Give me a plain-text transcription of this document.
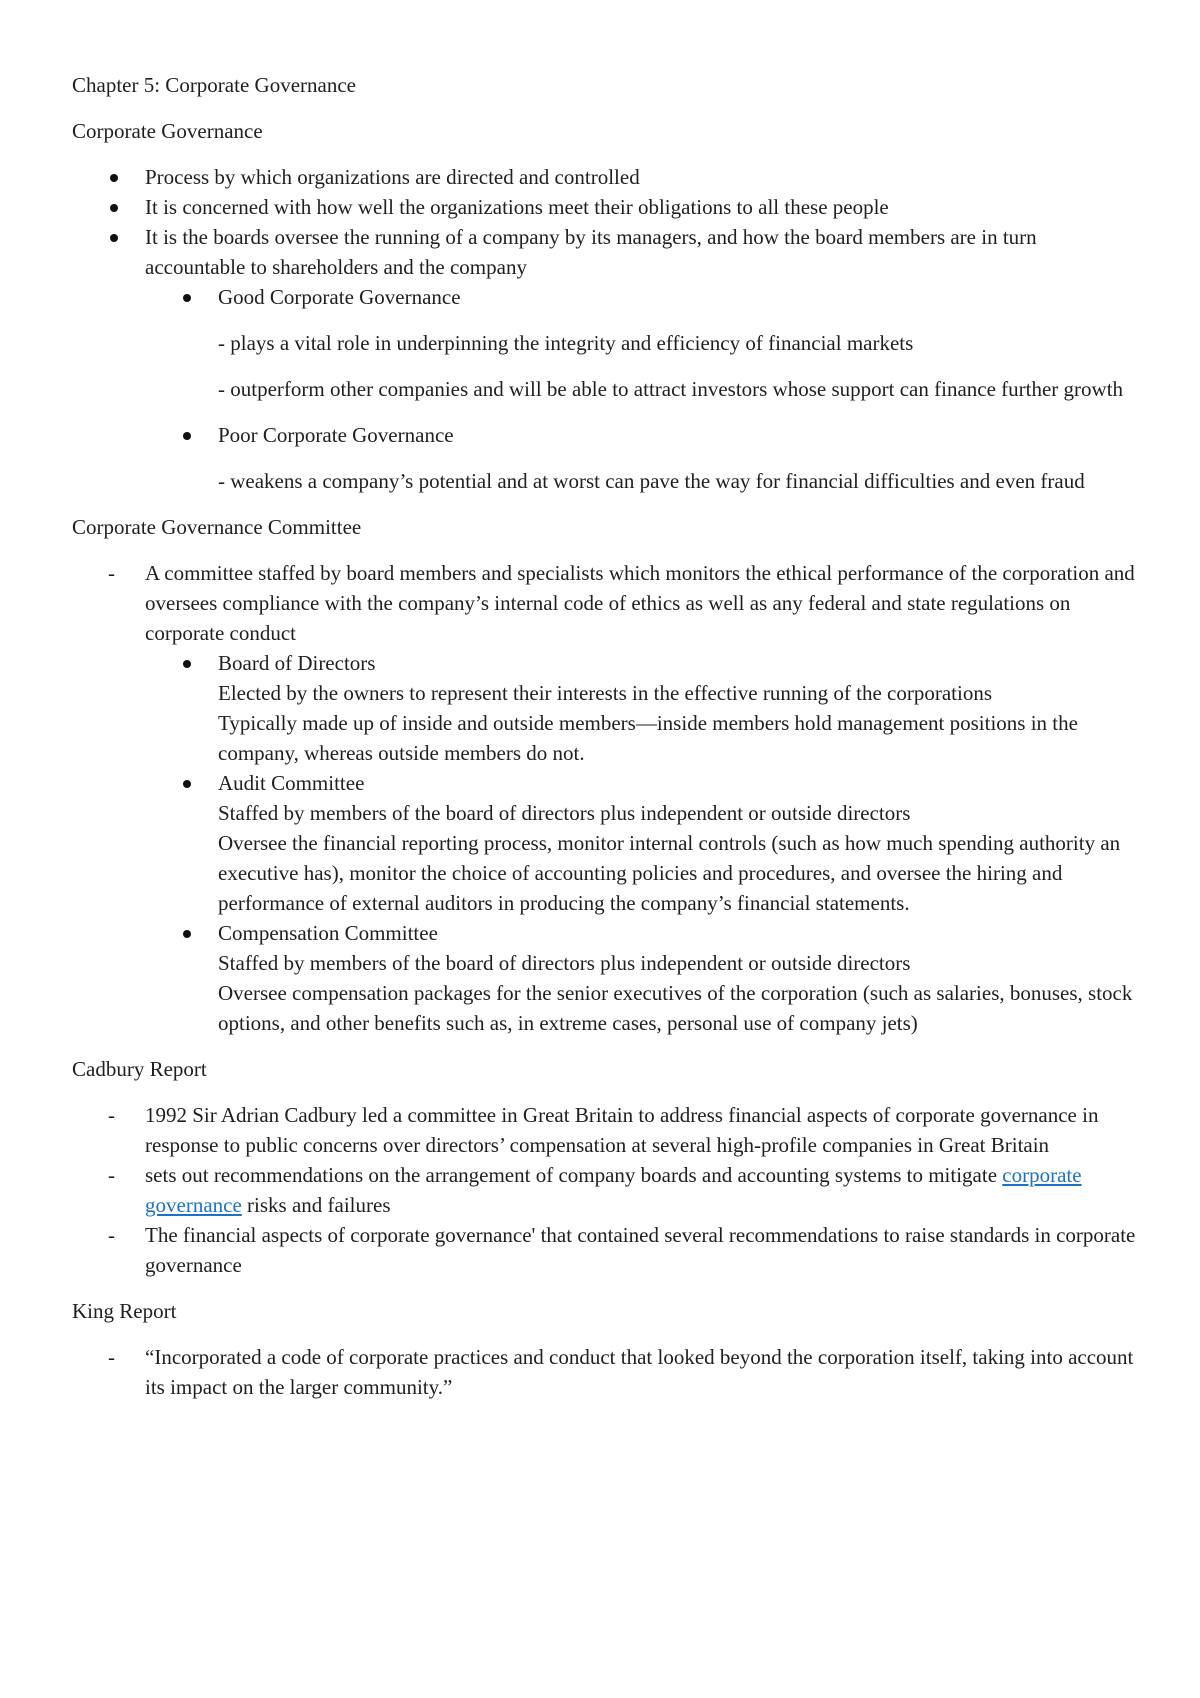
Chapter 5: Corporate Governance

Corporate Governance

Process by which organizations are directed and controlled
It is concerned with how well the organizations meet their obligations to all these people
It is the boards oversee the running of a company by its managers, and how the board members are in turn accountable to shareholders and the company
Good Corporate Governance
- plays a vital role in underpinning the integrity and efficiency of financial markets
- outperform other companies and will be able to attract investors whose support can finance further growth
Poor Corporate Governance
- weakens a company’s potential and at worst can pave the way for financial difficulties and even fraud

Corporate Governance Committee

- A committee staffed by board members and specialists which monitors the ethical performance of the corporation and oversees compliance with the company’s internal code of ethics as well as any federal and state regulations on corporate conduct
Board of Directors
Elected by the owners to represent their interests in the effective running of the corporations
Typically made up of inside and outside members—inside members hold management positions in the company, whereas outside members do not.
Audit Committee
Staffed by members of the board of directors plus independent or outside directors
Oversee the financial reporting process, monitor internal controls (such as how much spending authority an executive has), monitor the choice of accounting policies and procedures, and oversee the hiring and performance of external auditors in producing the company’s financial statements.
Compensation Committee
Staffed by members of the board of directors plus independent or outside directors
Oversee compensation packages for the senior executives of the corporation (such as salaries, bonuses, stock options, and other benefits such as, in extreme cases, personal use of company jets)

Cadbury Report

- 1992 Sir Adrian Cadbury led a committee in Great Britain to address financial aspects of corporate governance in response to public concerns over directors’ compensation at several high-profile companies in Great Britain
- sets out recommendations on the arrangement of company boards and accounting systems to mitigate corporate governance risks and failures
- The financial aspects of corporate governance' that contained several recommendations to raise standards in corporate governance

King Report

- “Incorporated a code of corporate practices and conduct that looked beyond the corporation itself, taking into account its impact on the larger community.”
